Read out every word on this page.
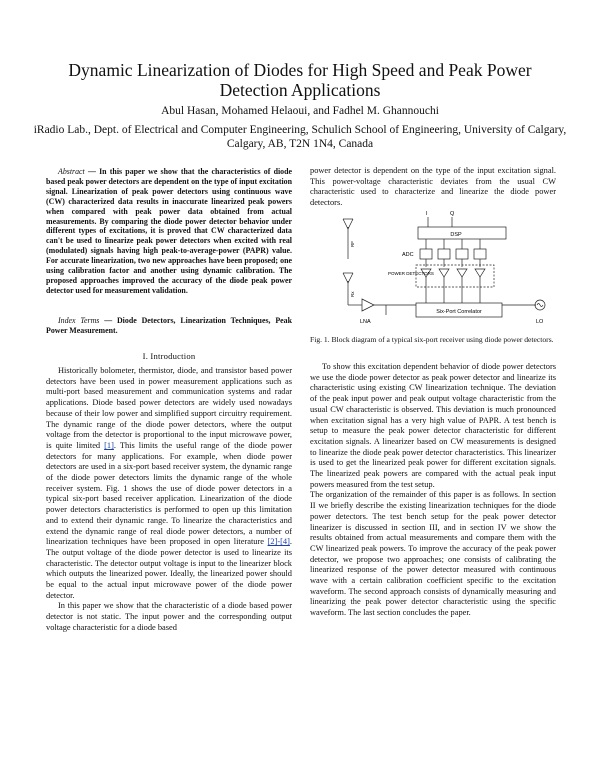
Dynamic Linearization of Diodes for High Speed and Peak Power Detection Applications
Abul Hasan, Mohamed Helaoui, and Fadhel M. Ghannouchi
iRadio Lab., Dept. of Electrical and Computer Engineering, Schulich School of Engineering, University of Calgary, Calgary, AB, T2N 1N4, Canada

Abstract — In this paper we show that the characteristics of diode based peak power detectors are dependent on the type of input excitation signal. Linearization of peak power detectors using continuous wave (CW) characterized data results in inaccurate linearized peak powers when compared with peak power data obtained from actual measurements. By comparing the diode power detector behavior under different types of excitations, it is proved that CW characterized data can't be used to linearize peak power detectors when excited with real (modulated) signals having high peak-to-average-power (PAPR) value. For accurate linearization, two new approaches have been proposed; one using calibration factor and another using dynamic calibration. The proposed approaches improved the accuracy of the diode peak power detector used for measurement validation.

Index Terms — Diode Detectors, Linearization Techniques, Peak Power Measurement.

I. Introduction

Historically bolometer, thermistor, diode, and transistor based power detectors have been used in power measurement applications such as multi-port based measurement and communication systems and radar applications. Diode based power detectors are widely used nowadays because of their low power and simplified support circuitry requirement. The dynamic range of the diode power detectors, where the output voltage from the detector is proportional to the input microwave power, is quite limited [1]. This limits the useful range of the diode power detectors for many applications. For example, when diode power detectors are used in a six-port based receiver system, the dynamic range of the diode power detectors limits the dynamic range of the whole receiver system. Fig. 1 shows the use of diode power detectors in a typical six-port based receiver application. Linearization of the diode power detectors characteristics is performed to open up this limitation and to extend their dynamic range. To linearize the characteristics and extend the dynamic range of real diode power detectors, a number of linearization techniques have been proposed in open literature [2]-[4]. The output voltage of the diode power detector is used to linearize its characteristic. The detector output voltage is input to the linearizer block which outputs the linearized power. Ideally, the linearized power should be equal to the actual input microwave power of the diode power detector.

In this paper we show that the characteristic of a diode based power detector is not static. The input power and the corresponding output voltage characteristic for a diode based

power detector is dependent on the type of the input excitation signal. This power-voltage characteristic deviates from the usual CW characteristic used to characterize and linearize the diode power detectors.

I	Q
DSP
ADC
POWER DETECTORS
RF
Rx
LNA
Six-Port Correlator
LO
Fig. 1. Block diagram of a typical six-port receiver using diode power detectors.

To show this excitation dependent behavior of diode power detectors we use the diode power detector as peak power detector and linearize its characteristic using existing CW linearization technique. The deviation of the peak input power and peak output voltage characteristic from the usual CW characteristic is observed. This deviation is much pronounced when excitation signal has a very high value of PAPR. A test bench is setup to measure the peak power detector characteristic for different excitation signals. A linearizer based on CW measurements is designed to linearize the diode peak power detector characteristics. This linearizer is used to get the linearized peak power for different excitation signals. The linearized peak powers are compared with the actual peak input powers measured from the test setup.

The organization of the remainder of this paper is as follows. In section II we briefly describe the existing linearization techniques for the diode power detectors. The test bench setup for the peak power detector linearizer is discussed in section III, and in section IV we show the results obtained from actual measurements and compare them with the CW linearized peak powers. To improve the accuracy of the peak power detector, we propose two approaches; one consists of calibrating the linearized response of the power detector measured with continuous wave with a certain calibration coefficient specific to the excitation waveform. The second approach consists of dynamically measuring and linearizing the peak power detector characteristic using the specific waveform. The last section concludes the paper.
